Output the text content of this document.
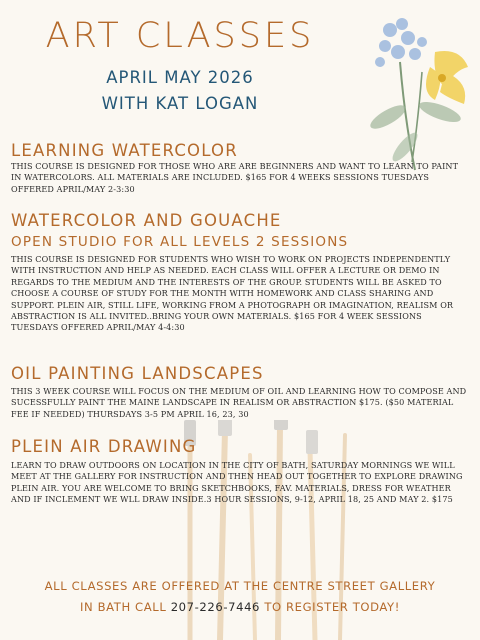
ART CLASSES
APRIL MAY 2026
WITH KAT LOGAN
LEARNING WATERCOLOR
THIS COURSE IS DESIGNED FOR THOSE WHO ARE ARE BEGINNERS AND WANT TO LEARN TO PAINT IN WATERCOLORS. ALL MATERIALS ARE INCLUDED. $165 FOR 4 WEEKS SESSIONS TUESDAYS OFFERED APRIL/MAY 2-3:30
WATERCOLOR AND GOUACHE
OPEN STUDIO FOR ALL LEVELS 2 SESSIONS
THIS COURSE IS DESIGNED FOR STUDENTS WHO WISH TO WORK ON PROJECTS INDEPENDENTLY WITH INSTRUCTION AND HELP AS NEEDED. EACH CLASS WILL OFFER A LECTURE OR DEMO IN REGARDS TO THE MEDIUM AND THE INTERESTS OF THE GROUP. STUDENTS WILL BE ASKED TO CHOOSE A COURSE OF STUDY FOR THE MONTH WITH HOMEWORK AND CLASS SHARING AND SUPPORT. PLEIN AIR, STILL LIFE, WORKING FROM A PHOTOGRAPH OR IMAGINATION, REALISM OR ABSTRACTION IS ALL INVITED..BRING YOUR OWN MATERIALS. $165 FOR 4 WEEK SESSIONS TUESDAYS OFFERED APRIL/MAY 4-4:30
OIL PAINTING LANDSCAPES
THIS 3 WEEK COURSE WILL FOCUS ON THE MEDIUM OF OIL AND LEARNING HOW TO COMPOSE AND SUCESSFULLY PAINT THE MAINE LANDSCAPE IN REALISM OR ABSTRACTION $175. ($50 MATERIAL FEE IF NEEDED) THURSDAYS 3-5 PM APRIL 16, 23, 30
PLEIN AIR DRAWING
LEARN TO DRAW OUTDOORS ON LOCATION IN THE CITY OF BATH, SATURDAY MORNINGS WE WILL MEET AT THE GALLERY FOR INSTRUCTION AND THEN HEAD OUT TOGETHER TO EXPLORE DRAWING PLEIN AIR. YOU ARE WELCOME TO BRING SKETCHBOOKS, FAV. MATERIALS, DRESS FOR WEATHER AND IF INCLEMENT WE WLL DRAW INSIDE.3 HOUR SESSIONS, 9-12, APRIL 18, 25 AND MAY 2. $175
ALL CLASSES ARE OFFERED AT THE CENTRE STREET GALLERY
IN BATH CALL 207-226-7446 TO REGISTER TODAY!
